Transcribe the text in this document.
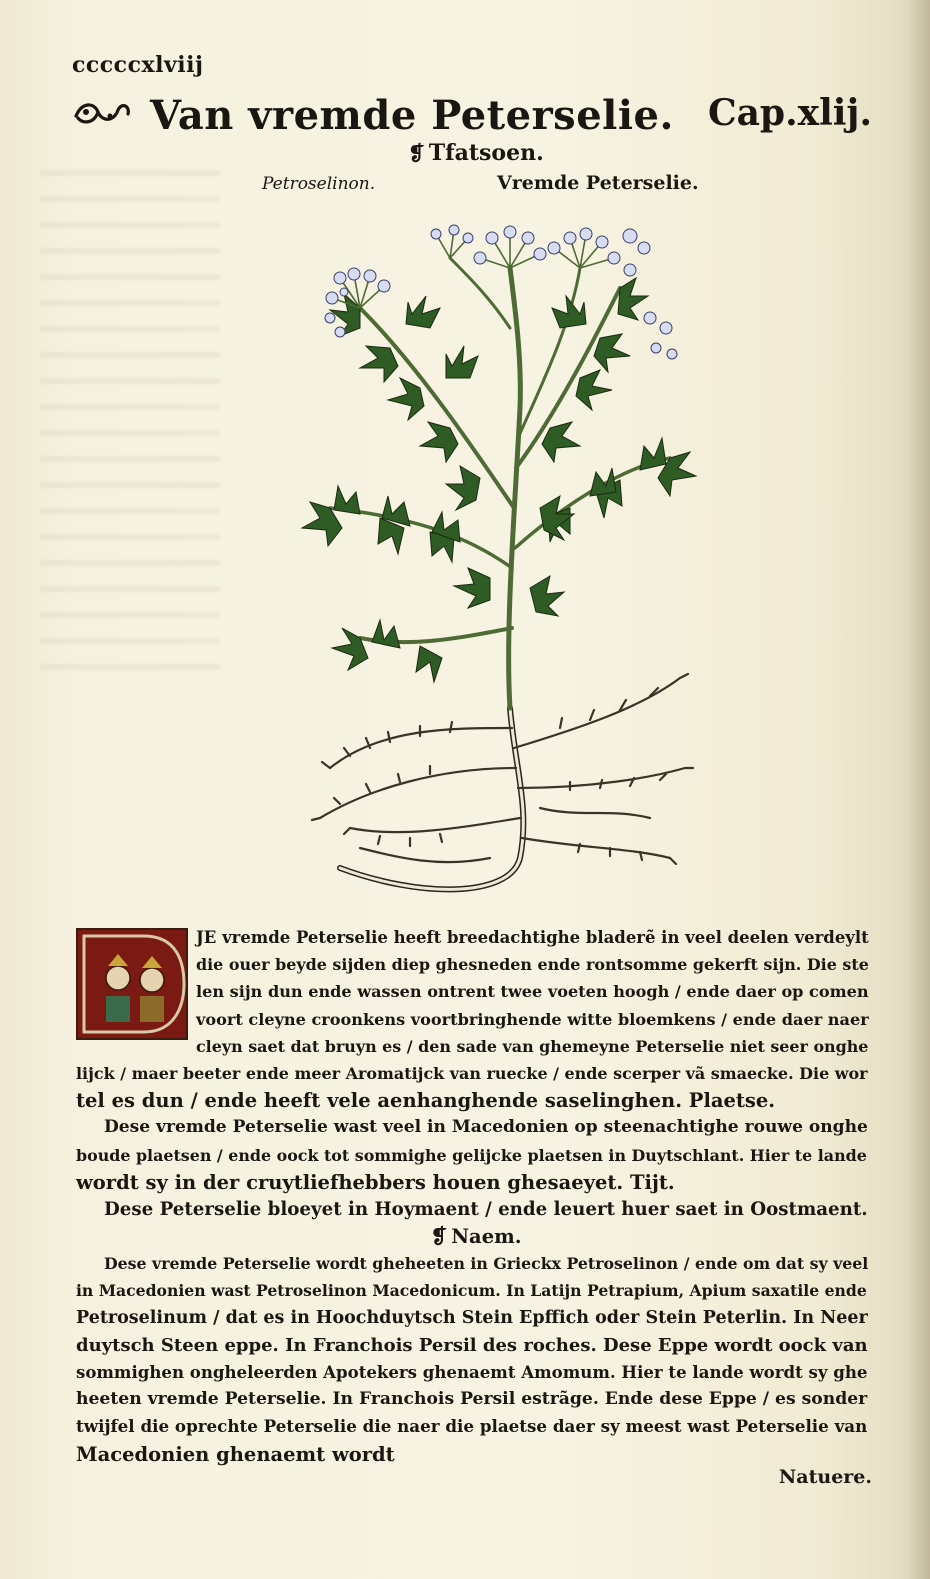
cccccxlviij
Van vremde Peterselie. Cap.xlij.
❡ Tfatsoen.
Petroselinon.	Vremde Peterselie.
JE vremde Peterselie heeft breedachtighe bladerẽ in veel deelen verdeylt
die ouer beyde sijden diep ghesneden ende rontsomme gekerft sijn. Die ste
len sijn dun ende wassen ontrent twee voeten hoogh / ende daer op comen
voort cleyne croonkens voortbringhende witte bloemkens / ende daer naer
cleyn saet dat bruyn es / den sade van ghemeyne Peterselie niet seer onghe
lijck / maer beeter ende meer Aromatijck van ruecke / ende scerper vã smaecke. Die wor
tel es dun / ende heeft vele aenhanghende saselinghen. Plaetse.
Dese vremde Peterselie wast veel in Macedonien op steenachtighe rouwe onghe
boude plaetsen / ende oock tot sommighe gelijcke plaetsen in Duytschlant. Hier te lande
wordt sy in der cruytliefhebbers houen ghesaeyet. Tijt.
Dese Peterselie bloeyet in Hoymaent / ende leuert huer saet in Oostmaent.
❡ Naem.
Dese vremde Peterselie wordt gheheeten in Grieckx Petroselinon / ende om dat sy veel
in Macedonien wast Petroselinon Macedonicum. In Latijn Petrapium, Apium saxatile ende
Petroselinum / dat es in Hoochduytsch Stein Epffich oder Stein Peterlin. In Neer
duytsch Steen eppe. In Franchois Persil des roches. Dese Eppe wordt oock van
sommighen ongheleerden Apotekers ghenaemt Amomum. Hier te lande wordt sy ghe
heeten vremde Peterselie. In Franchois Persil estrãge. Ende dese Eppe / es sonder
twijfel die oprechte Peterselie die naer die plaetse daer sy meest wast Peterselie van
Macedonien ghenaemt wordt
Natuere.
